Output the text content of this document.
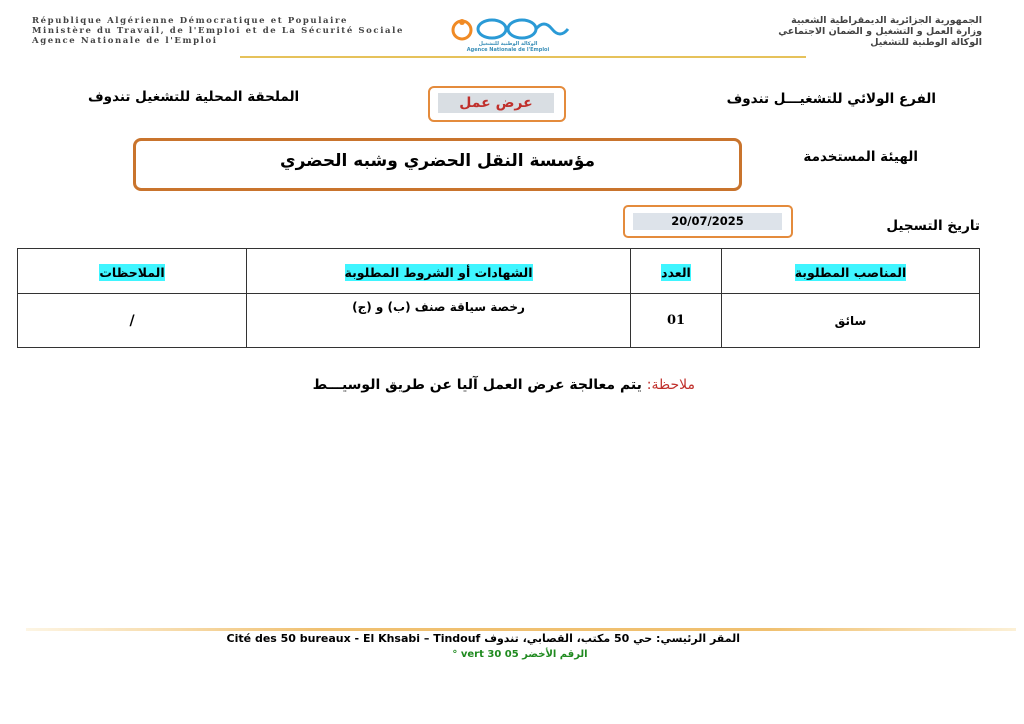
République Algérienne Démocratique et Populaire
Ministère du Travail, de l'Emploi et de La Sécurité Sociale
Agence Nationale de l'Emploi	الوكالة الوطنية للتشغيل
Agence Nationale de l'Emploi
الجمهورية الجزائرية الديمقراطية الشعبية
وزارة العمل و التشغيل و الضمان الاجتماعي
الوكالة الوطنية للتشغيل
الملحقة المحلية للتشغيل تندوف	الفرع الولائي للتشغيـــل تندوف
عرض عمل
الهيئة المستخدمة
مؤسسة النقل الحضري وشبه الحضري
تاريخ التسجيل
20/07/2025
الملاحظات	الشهادات أو الشروط المطلوبة	العدد	المناصب المطلوبة
/	رخصة سياقة صنف (ب) و (ج)	01	سائق
ملاحظة: يتم معالجة عرض العمل آليا عن طريق الوسيـــط
المقر الرئيسي: حي 50 مكتب، القصابي، تندوف Cité des 50 bureaux - El Khsabi – Tindouf
الرقم الأخضر 05 30 vert °
